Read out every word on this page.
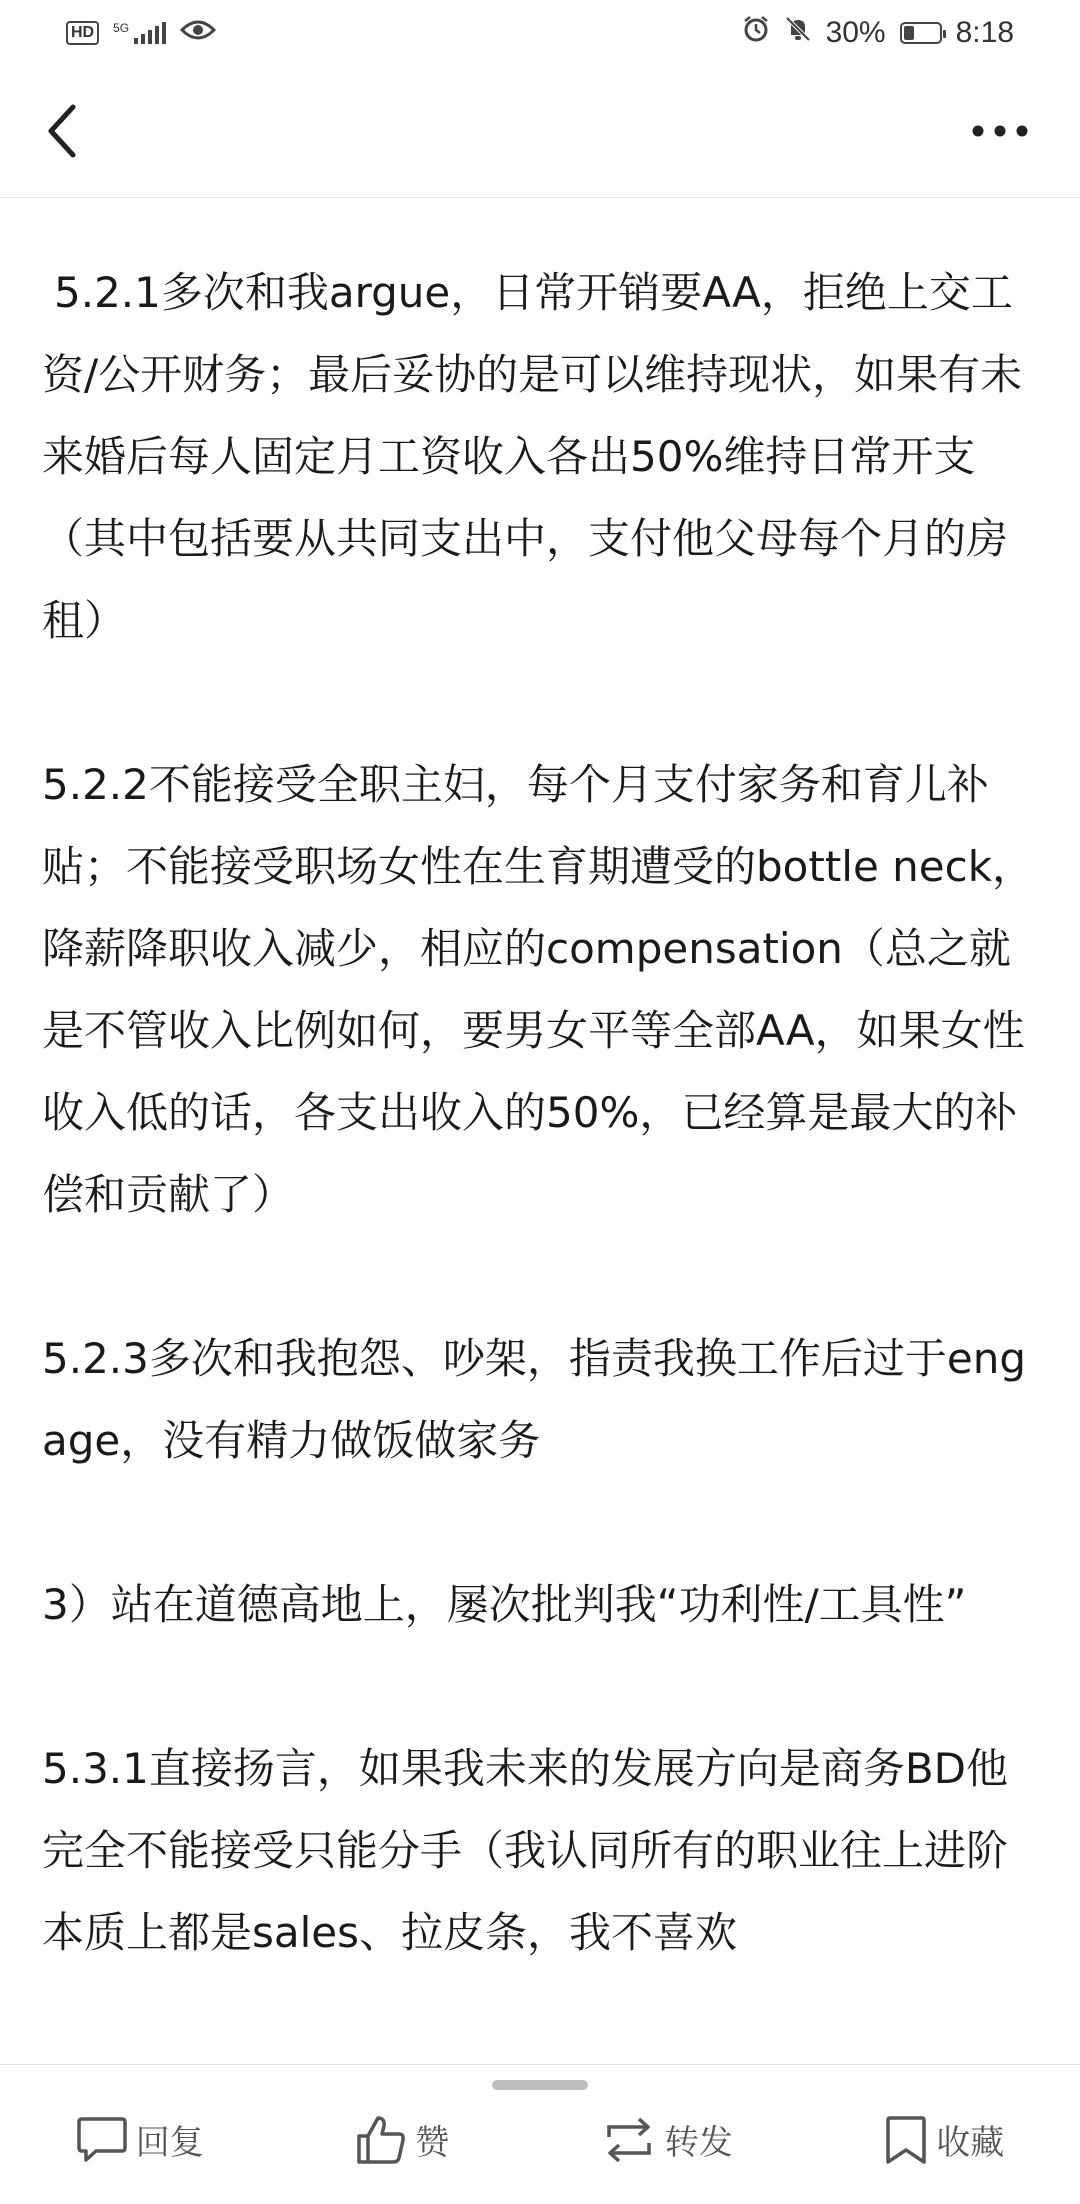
HD	5G	30% 8:18

5.2.1多次和我argue，日常开销要AA，拒绝上交工资/公开财务；最后妥协的是可以维持现状，如果有未来婚后每人固定月工资收入各出50%维持日常开支（其中包括要从共同支出中，支付他父母每个月的房租）

5.2.2不能接受全职主妇，每个月支付家务和育儿补贴；不能接受职场女性在生育期遭受的bottle neck，降薪降职收入减少，相应的compensation（总之就是不管收入比例如何，要男女平等全部AA，如果女性收入低的话，各支出收入的50%，已经算是最大的补偿和贡献了）

5.2.3多次和我抱怨、吵架，指责我换工作后过于engage，没有精力做饭做家务

3）站在道德高地上，屡次批判我“功利性/工具性”

5.3.1直接扬言，如果我未来的发展方向是商务BD他完全不能接受只能分手（我认同所有的职业往上进阶本质上都是sales、拉皮条，我不喜欢

回复	赞	转发	收藏
